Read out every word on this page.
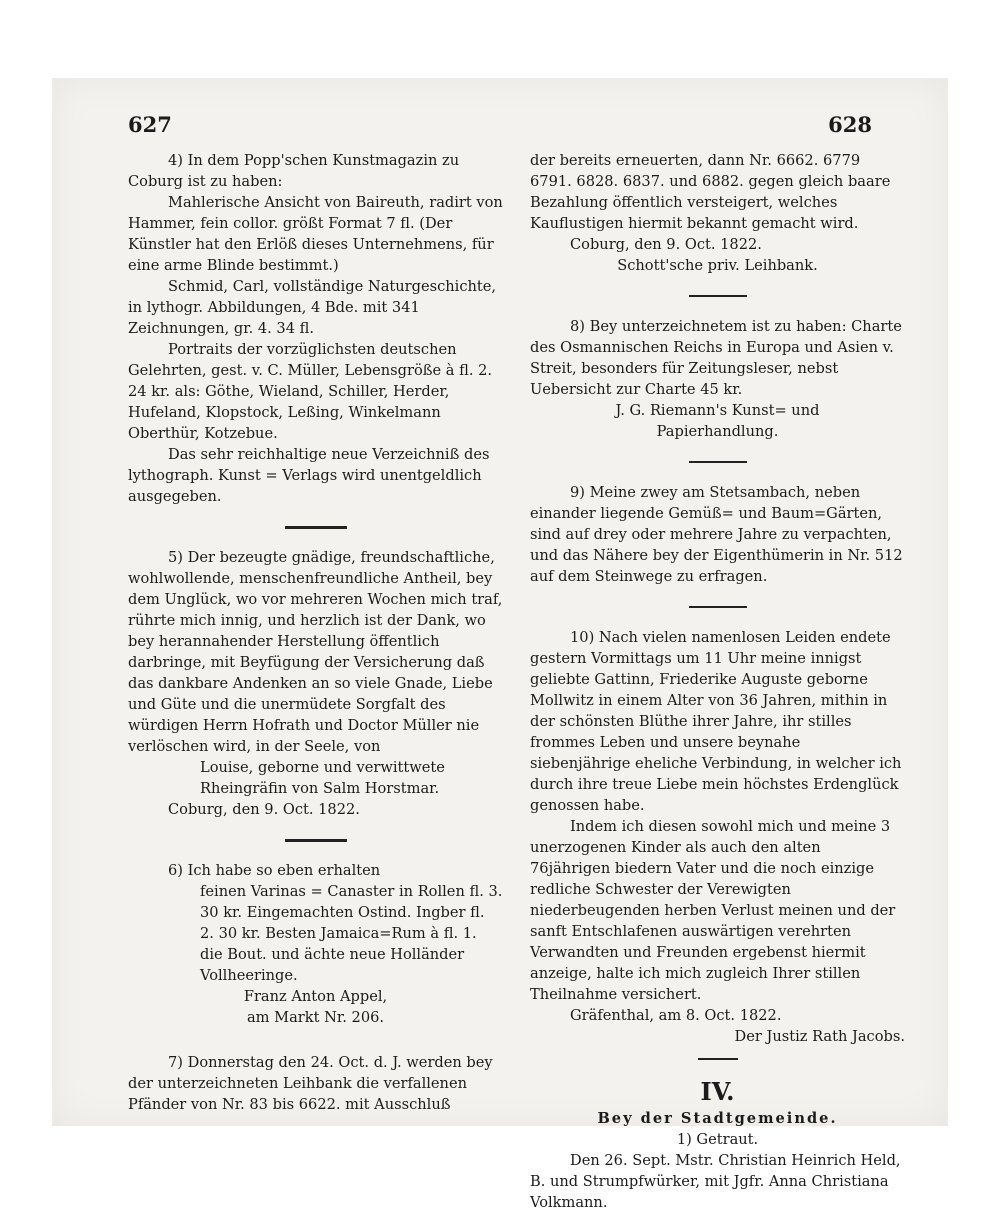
627	628

4) In dem Popp'schen Kunstmagazin zu Coburg ist zu haben:

Mahlerische Ansicht von Baireuth, radirt von Hammer, fein collor. größt Format 7 fl. (Der Künstler hat den Erlöß dieses Unternehmens, für eine arme Blinde bestimmt.)

Schmid, Carl, vollständige Naturgeschichte, in lythogr. Abbildungen, 4 Bde. mit 341 Zeichnungen, gr. 4. 34 fl.

Portraits der vorzüglichsten deutschen Gelehrten, gest. v. C. Müller, Lebensgröße à fl. 2. 24 kr. als: Göthe, Wieland, Schiller, Herder, Hufeland, Klopstock, Leßing, Winkelmann Oberthür, Kotzebue.

Das sehr reichhaltige neue Verzeichniß des lythograph. Kunst = Verlags wird unentgeldlich ausgegeben.

5) Der bezeugte gnädige, freundschaftliche, wohlwollende, menschenfreundliche Antheil, bey dem Unglück, wo vor mehreren Wochen mich traf, rührte mich innig, und herzlich ist der Dank, wo bey herannahender Herstellung öffentlich darbringe, mit Beyfügung der Versicherung daß das dankbare Andenken an so viele Gnade, Liebe und Güte und die unermüdete Sorgfalt des würdigen Herrn Hofrath und Doctor Müller nie verlöschen wird, in der Seele, von

Louise, geborne und verwittwete

Rheingräfin von Salm Horstmar.

Coburg, den 9. Oct. 1822.

6) Ich habe so eben erhalten

feinen Varinas = Canaster in Rollen fl. 3. 30 kr. Eingemachten Ostind. Ingber fl. 2. 30 kr. Besten Jamaica=Rum à fl. 1. die Bout. und ächte neue Holländer Vollheeringe.

Franz Anton Appel,

am Markt Nr. 206.

7) Donnerstag den 24. Oct. d. J. werden bey der unterzeichneten Leihbank die verfallenen Pfänder von Nr. 83 bis 6622. mit Ausschluß

der bereits erneuerten, dann Nr. 6662. 6779 6791. 6828. 6837. und 6882. gegen gleich baare Bezahlung öffentlich versteigert, welches Kauflustigen hiermit bekannt gemacht wird.

Coburg, den 9. Oct. 1822.

Schott'sche priv. Leihbank.

8) Bey unterzeichnetem ist zu haben: Charte des Osmannischen Reichs in Europa und Asien v. Streit, besonders für Zeitungsleser, nebst Uebersicht zur Charte 45 kr.

J. G. Riemann's Kunst= und

Papierhandlung.

9) Meine zwey am Stetsambach, neben einander liegende Gemüß= und Baum=Gärten, sind auf drey oder mehrere Jahre zu verpachten, und das Nähere bey der Eigenthümerin in Nr. 512 auf dem Steinwege zu erfragen.

10) Nach vielen namenlosen Leiden endete gestern Vormittags um 11 Uhr meine innigst geliebte Gattinn, Friederike Auguste geborne Mollwitz in einem Alter von 36 Jahren, mithin in der schönsten Blüthe ihrer Jahre, ihr stilles frommes Leben und unsere beynahe siebenjährige eheliche Verbindung, in welcher ich durch ihre treue Liebe mein höchstes Erdenglück genossen habe.

Indem ich diesen sowohl mich und meine 3 unerzogenen Kinder als auch den alten 76jährigen biedern Vater und die noch einzige redliche Schwester der Verewigten niederbeugenden herben Verlust meinen und der sanft Entschlafenen auswärtigen verehrten Verwandten und Freunden ergebenst hiermit anzeige, halte ich mich zugleich Ihrer stillen Theilnahme versichert.

Gräfenthal, am 8. Oct. 1822.

Der Justiz Rath Jacobs.

IV.

Bey der Stadtgemeinde.

1) Getraut.

Den 26. Sept. Mstr. Christian Heinrich Held, B. und Strumpfwürker, mit Jgfr. Anna Christiana Volkmann.
